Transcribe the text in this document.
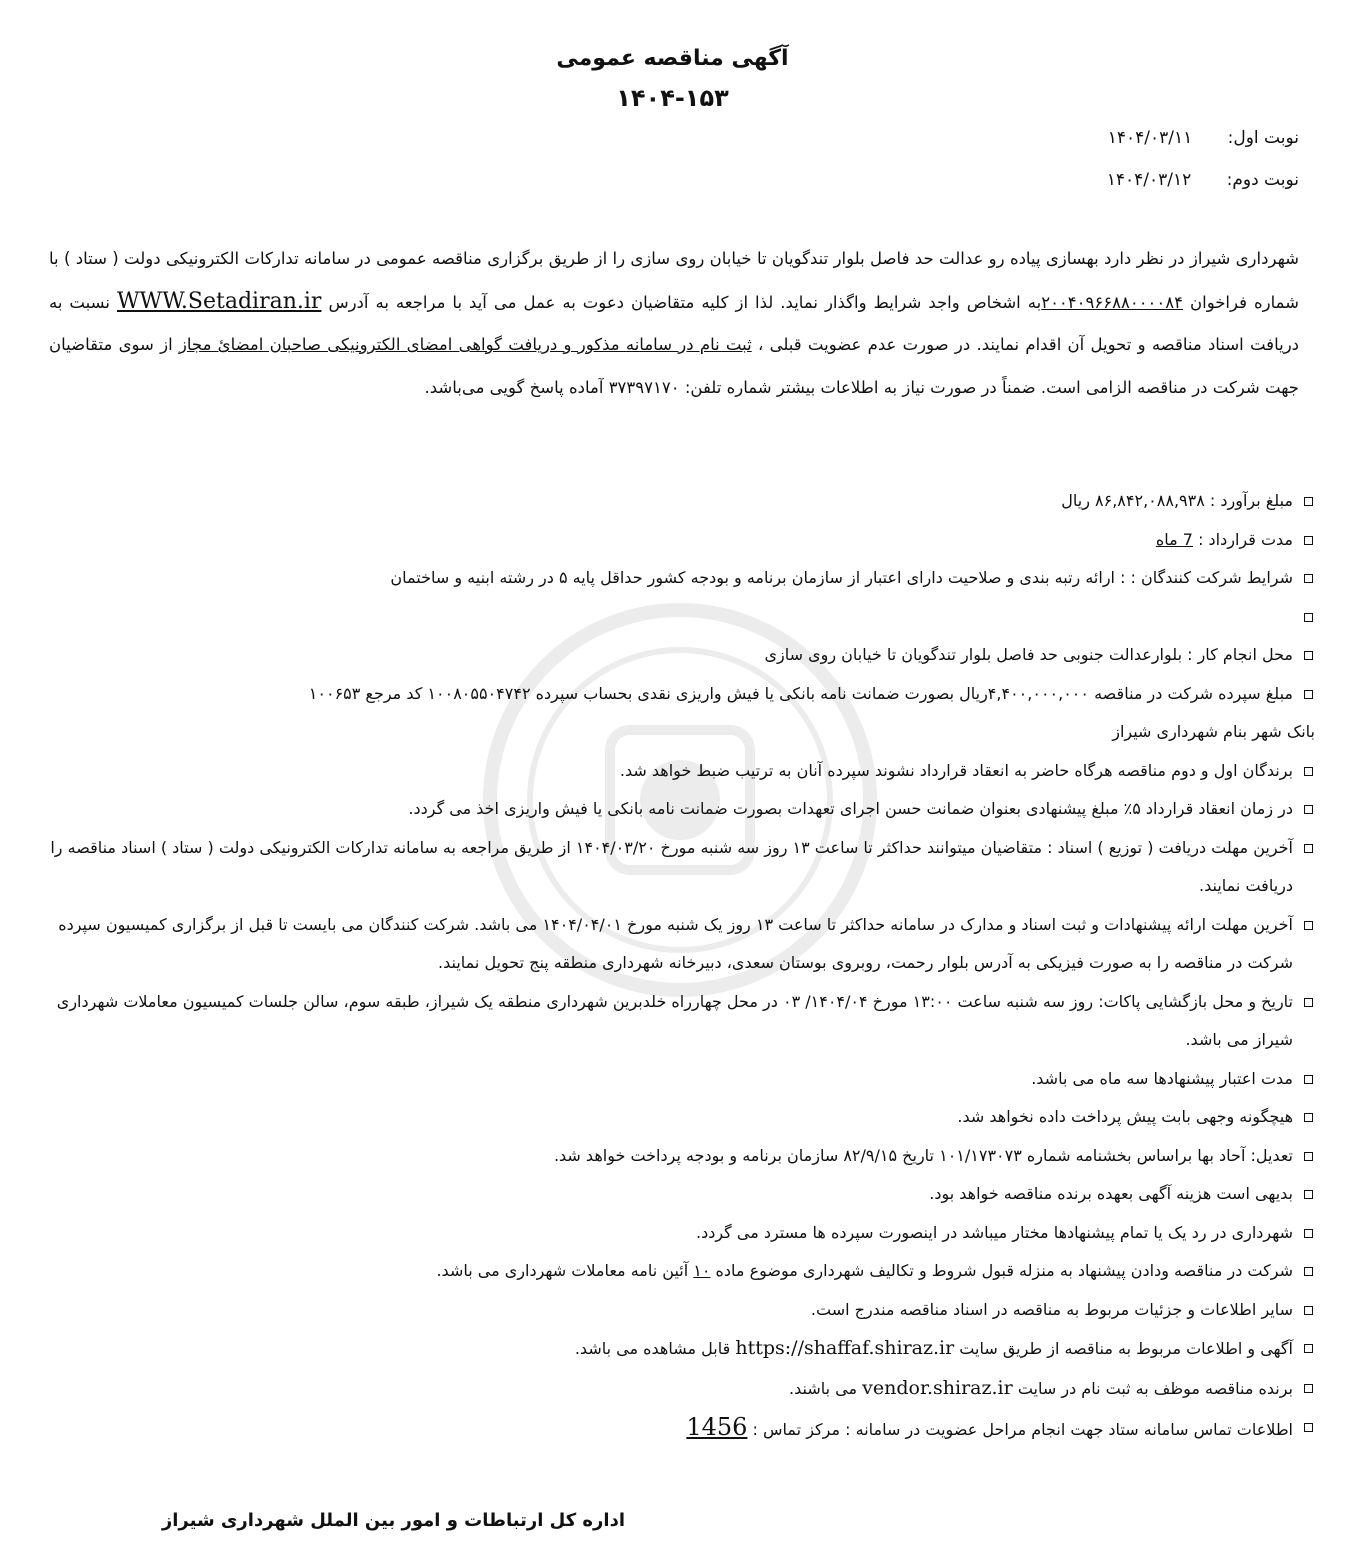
آگهی مناقصه عمومی
۱۴۰۴-۱۵۳
نوبت اول: ۱۴۰۴/۰۳/۱۱
نوبت دوم: ۱۴۰۴/۰۳/۱۲
شهرداری شیراز در نظر دارد بهسازی پیاده رو عدالت حد فاصل بلوار تندگویان تا خیابان روی سازی را از طریق برگزاری مناقصه عمومی در سامانه تدارکات الکترونیکی دولت ( ستاد ) با شماره فراخوان ۲۰۰۴۰۹۶۶۸۸۰۰۰۰۸۴به اشخاص واجد شرایط واگذار نماید. لذا از کلیه متقاضیان دعوت به عمل می آید با مراجعه به آدرس WWW.Setadiran.ir نسبت به دریافت اسناد مناقصه و تحویل آن اقدام نمایند. در صورت عدم عضویت قبلی ، ثبت نام در سامانه مذکور و دریافت گواهی امضای الکترونیکی صاحبان امضائ مجاز از سوی متقاضیان جهت شرکت در مناقصه الزامی است. ضمناً در صورت نیاز به اطلاعات بیشتر شماره تلفن: ۳۷۳۹۷۱۷۰ آماده پاسخ گویی می‌باشد.
مبلغ برآورد : ۸۶,۸۴۲,۰۸۸,۹۳۸ ریال
مدت قرارداد : 7 ماه
شرایط شرکت کنندگان : : ارائه رتبه بندی و صلاحیت دارای اعتبار از سازمان برنامه و بودجه کشور حداقل پایه ۵ در رشته ابنیه و ساختمان

محل انجام کار : بلوارعدالت جنوبی حد فاصل بلوار تندگویان تا خیابان روی سازی
مبلغ سپرده شرکت در مناقصه ۴,۴۰۰,۰۰۰,۰۰۰ریال بصورت ضمانت نامه بانکی یا فیش واریزی نقدی بحساب سپرده ۱۰۰۸۰۵۵۰۴۷۴۲ کد مرجع ۱۰۰۶۵۳
بانک شهر بنام شهرداری شیراز
برندگان اول و دوم مناقصه هرگاه حاضر به انعقاد قرارداد نشوند سپرده آنان به ترتیب ضبط خواهد شد.
در زمان انعقاد قرارداد ۵٪ مبلغ پیشنهادی بعنوان ضمانت حسن اجرای تعهدات بصورت ضمانت نامه بانکی یا فیش واریزی اخذ می گردد.
آخرین مهلت دریافت ( توزیع ) اسناد : متقاضیان میتوانند حداکثر تا ساعت ۱۳ روز سه شنبه مورخ ۱۴۰۴/۰۳/۲۰ از طریق مراجعه به سامانه تدارکات الکترونیکی دولت ( ستاد ) اسناد مناقصه را دریافت نمایند.
آخرین مهلت ارائه پیشنهادات و ثبت اسناد و مدارک در سامانه حداکثر تا ساعت ۱۳ روز یک شنبه مورخ ۱۴۰۴/۰۴/۰۱ می باشد. شرکت کنندگان می بایست تا قبل از برگزاری کمیسیون سپرده شرکت در مناقصه را به صورت فیزیکی به آدرس بلوار رحمت، روبروی بوستان سعدی، دبیرخانه شهرداری منطقه پنج تحویل نمایند.
تاریخ و محل بازگشایی پاکات: روز سه شنبه ساعت ۱۳:۰۰ مورخ ۱۴۰۴/۰۴/ ۰۳ در محل چهارراه خلدبرین شهرداری منطقه یک شیراز، طبقه سوم، سالن جلسات کمیسیون معاملات شهرداری شیراز می باشد.
مدت اعتبار پیشنهادها سه ماه می باشد.
هیچگونه وجهی بابت پیش پرداخت داده نخواهد شد.
تعدیل: آحاد بها براساس بخشنامه شماره ۱۰۱/۱۷۳۰۷۳ تاریخ ۸۲/۹/۱۵ سازمان برنامه و بودجه پرداخت خواهد شد.
بدیهی است هزینه آگهی بعهده برنده مناقصه خواهد بود.
شهرداری در رد یک یا تمام پیشنهادها مختار میباشد در اینصورت سپرده ها مسترد می گردد.
شرکت در مناقصه ودادن پیشنهاد به منزله قبول شروط و تکالیف شهرداری موضوع ماده ۱۰ آئین نامه معاملات شهرداری می باشد.
سایر اطلاعات و جزئیات مربوط به مناقصه در اسناد مناقصه مندرج است.
آگهی و اطلاعات مربوط به مناقصه از طریق سایت https://shaffaf.shiraz.ir قابل مشاهده می باشد.
برنده مناقصه موظف به ثبت نام در سایت vendor.shiraz.ir می باشند.
اطلاعات تماس سامانه ستاد جهت انجام مراحل عضویت در سامانه : مرکز تماس : 1456
اداره کل ارتباطات و امور بین الملل شهرداری شیراز
